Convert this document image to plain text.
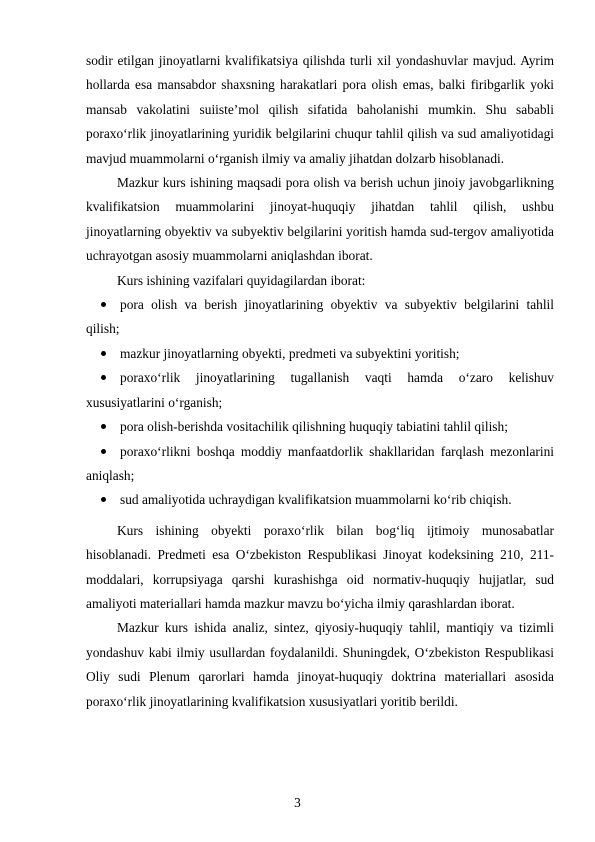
sodir etilgan jinoyatlarni kvalifikatsiya qilishda turli xil yondashuvlar mavjud. Ayrim hollarda esa mansabdor shaxsning harakatlari pora olish emas, balki firibgarlik yoki mansab vakolatini suiiste’mol qilish sifatida baholanishi mumkin. Shu sababli poraxo‘rlik jinoyatlarining yuridik belgilarini chuqur tahlil qilish va sud amaliyotidagi mavjud muammolarni o‘rganish ilmiy va amaliy jihatdan dolzarb hisoblanadi.

Mazkur kurs ishining maqsadi pora olish va berish uchun jinoiy javobgarlikning kvalifikatsion muammolarini jinoyat-huquqiy jihatdan tahlil qilish, ushbu jinoyatlarning obyektiv va subyektiv belgilarini yoritish hamda sud-tergov amaliyotida uchrayotgan asosiy muammolarni aniqlashdan iborat.

Kurs ishining vazifalari quyidagilardan iborat:

pora olish va berish jinoyatlarining obyektiv va subyektiv belgilarini tahlil qilish;
mazkur jinoyatlarning obyekti, predmeti va subyektini yoritish;
poraxo‘rlik jinoyatlarining tugallanish vaqti hamda o‘zaro kelishuv xususiyatlarini o‘rganish;
pora olish-berishda vositachilik qilishning huquqiy tabiatini tahlil qilish;
poraxo‘rlikni boshqa moddiy manfaatdorlik shakllaridan farqlash mezonlarini aniqlash;
sud amaliyotida uchraydigan kvalifikatsion muammolarni ko‘rib chiqish.

Kurs ishining obyekti poraxo‘rlik bilan bog‘liq ijtimoiy munosabatlar hisoblanadi. Predmeti esa O‘zbekiston Respublikasi Jinoyat kodeksining 210, 211-moddalari, korrupsiyaga qarshi kurashishga oid normativ-huquqiy hujjatlar, sud amaliyoti materiallari hamda mazkur mavzu bo‘yicha ilmiy qarashlardan iborat.

Mazkur kurs ishida analiz, sintez, qiyosiy-huquqiy tahlil, mantiqiy va tizimli yondashuv kabi ilmiy usullardan foydalanildi. Shuningdek, O‘zbekiston Respublikasi Oliy sudi Plenum qarorlari hamda jinoyat-huquqiy doktrina materiallari asosida poraxo‘rlik jinoyatlarining kvalifikatsion xususiyatlari yoritib berildi.

3
